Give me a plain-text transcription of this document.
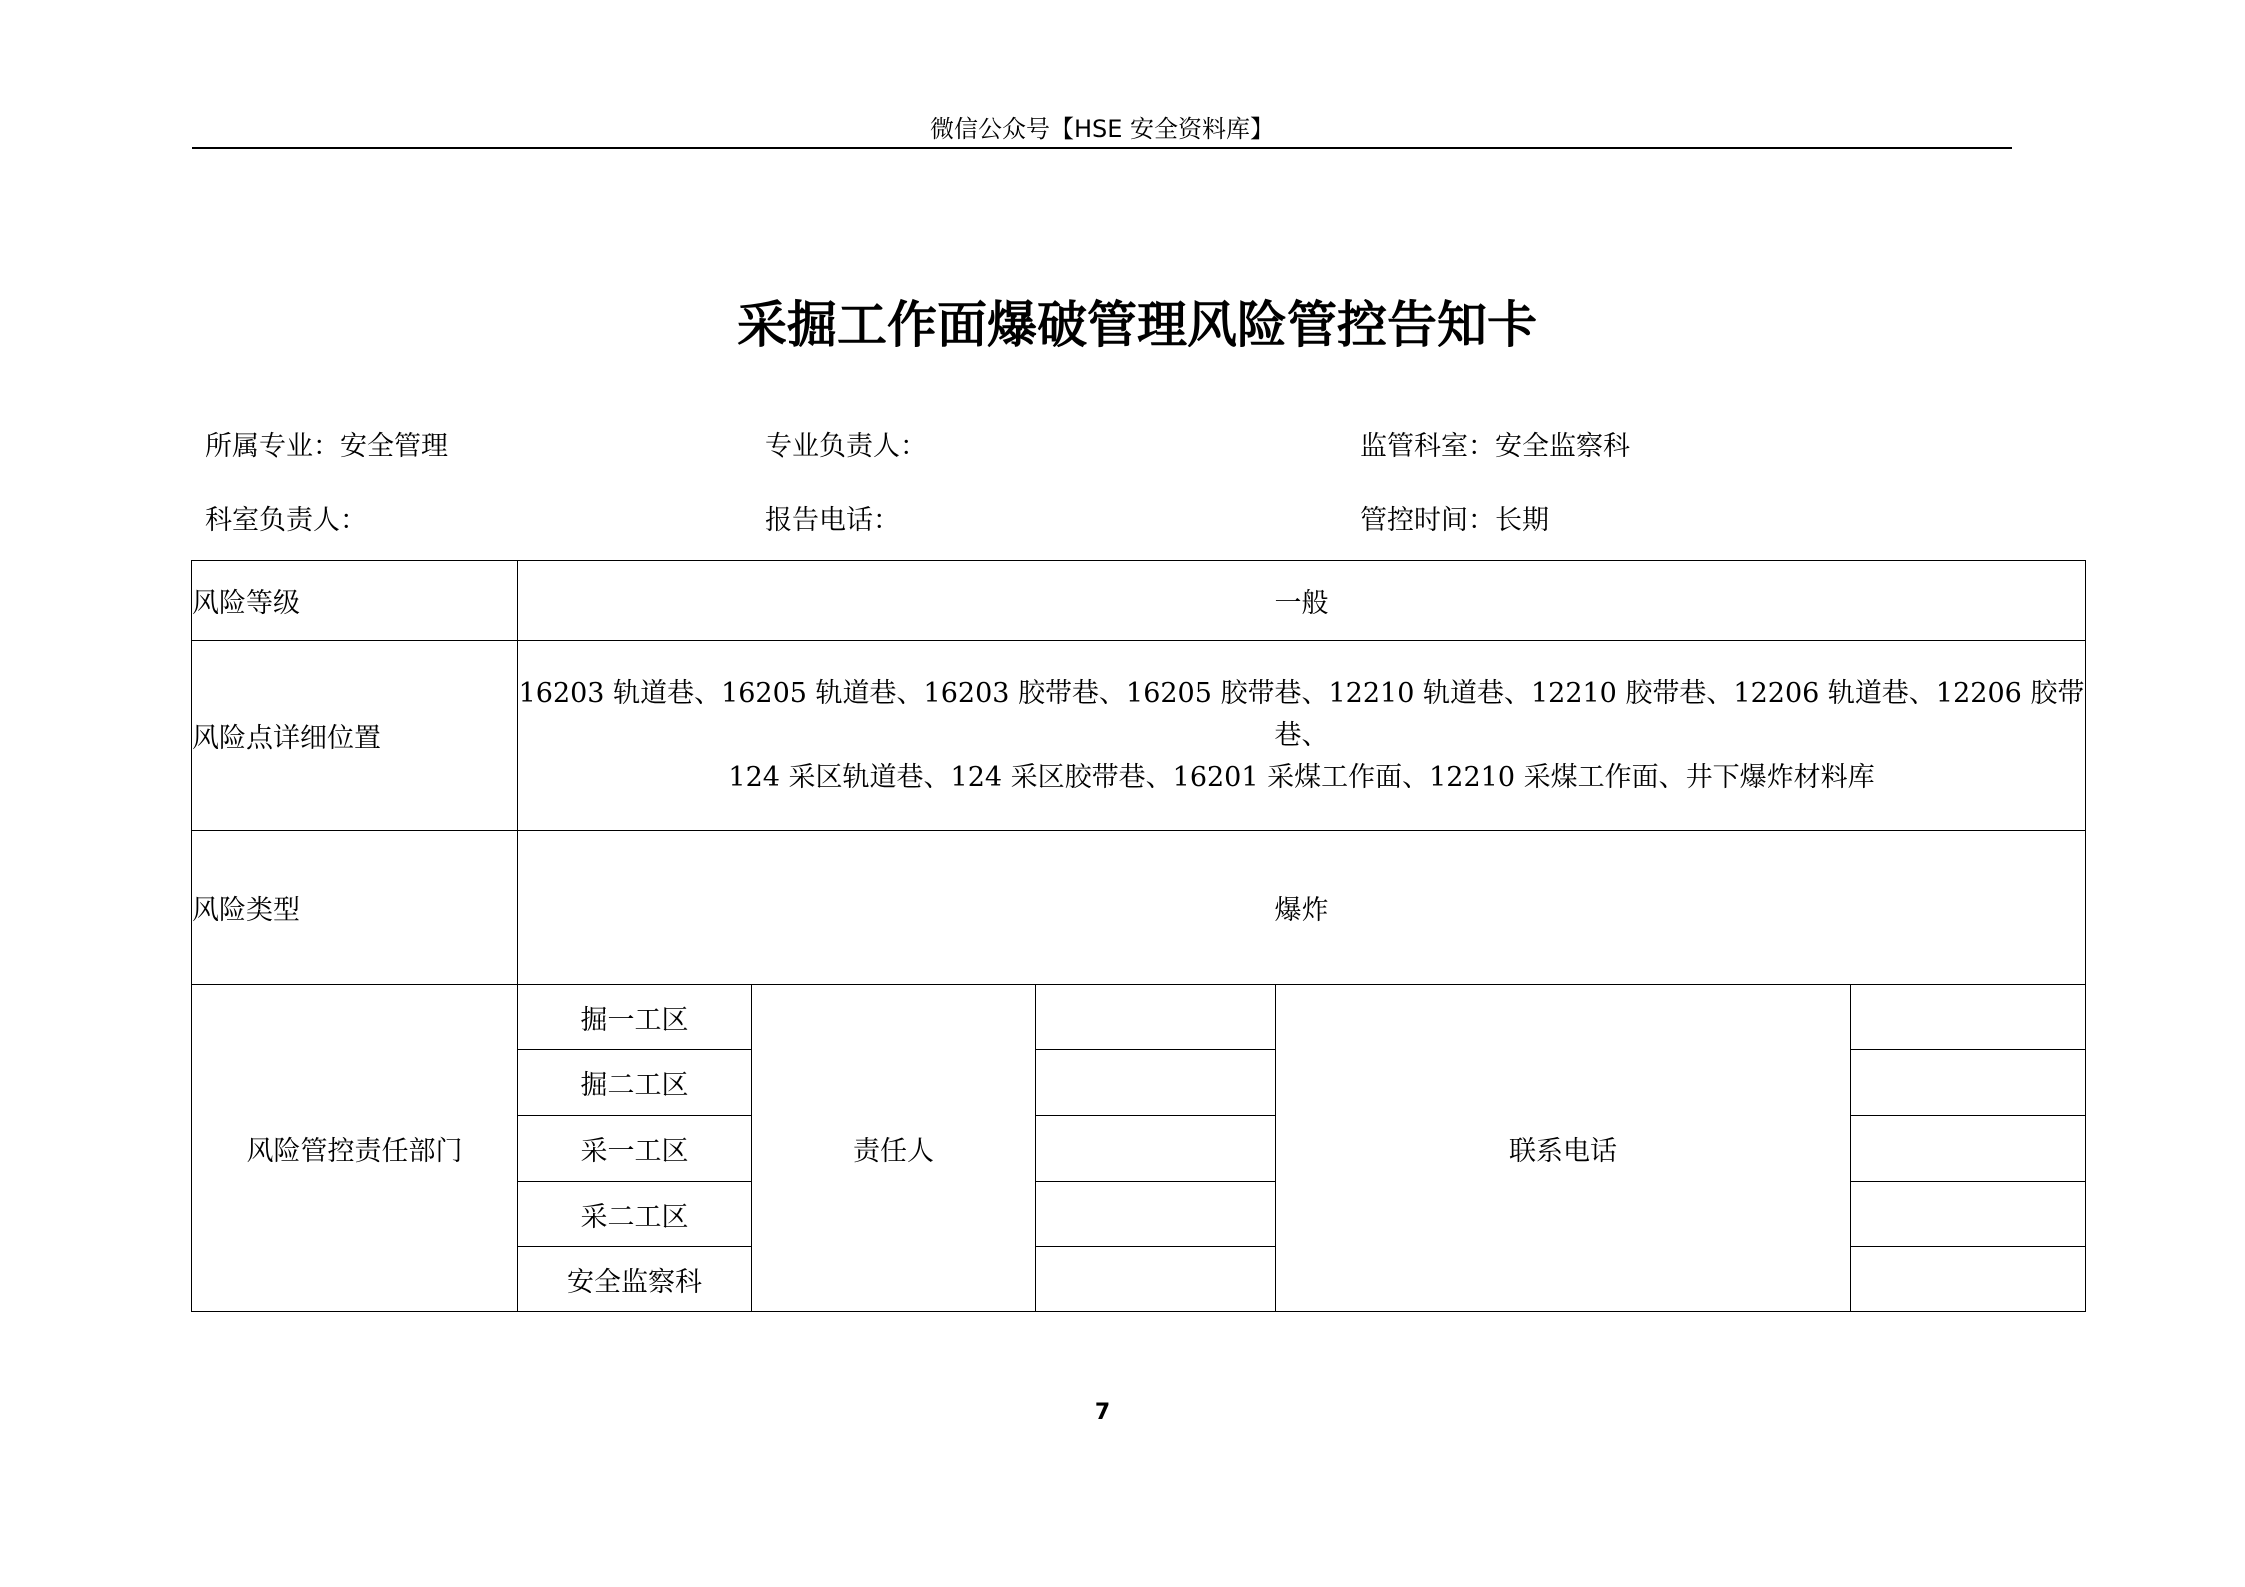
微信公众号【HSE 安全资料库】
采掘工作面爆破管理风险管控告知卡
所属专业：安全管理	专业负责人：	监管科室：安全监察科
科室负责人：	报告电话：	管控时间：长期
风险等级	一般				
风险点详细位置	16203 轨道巷、16205 轨道巷、16203 胶带巷、16205 胶带巷、12210 轨道巷、12210 胶带巷、12206 轨道巷、12206 胶带巷、
124 采区轨道巷、124 采区胶带巷、16201 采煤工作面、12210 采煤工作面、井下爆炸材料库				

风险类型	爆炸				
风险管控责任部门	掘一工区	责任人		联系电话	
	掘二工区				
	采一工区				
	采二工区				
	安全监察科				
7
